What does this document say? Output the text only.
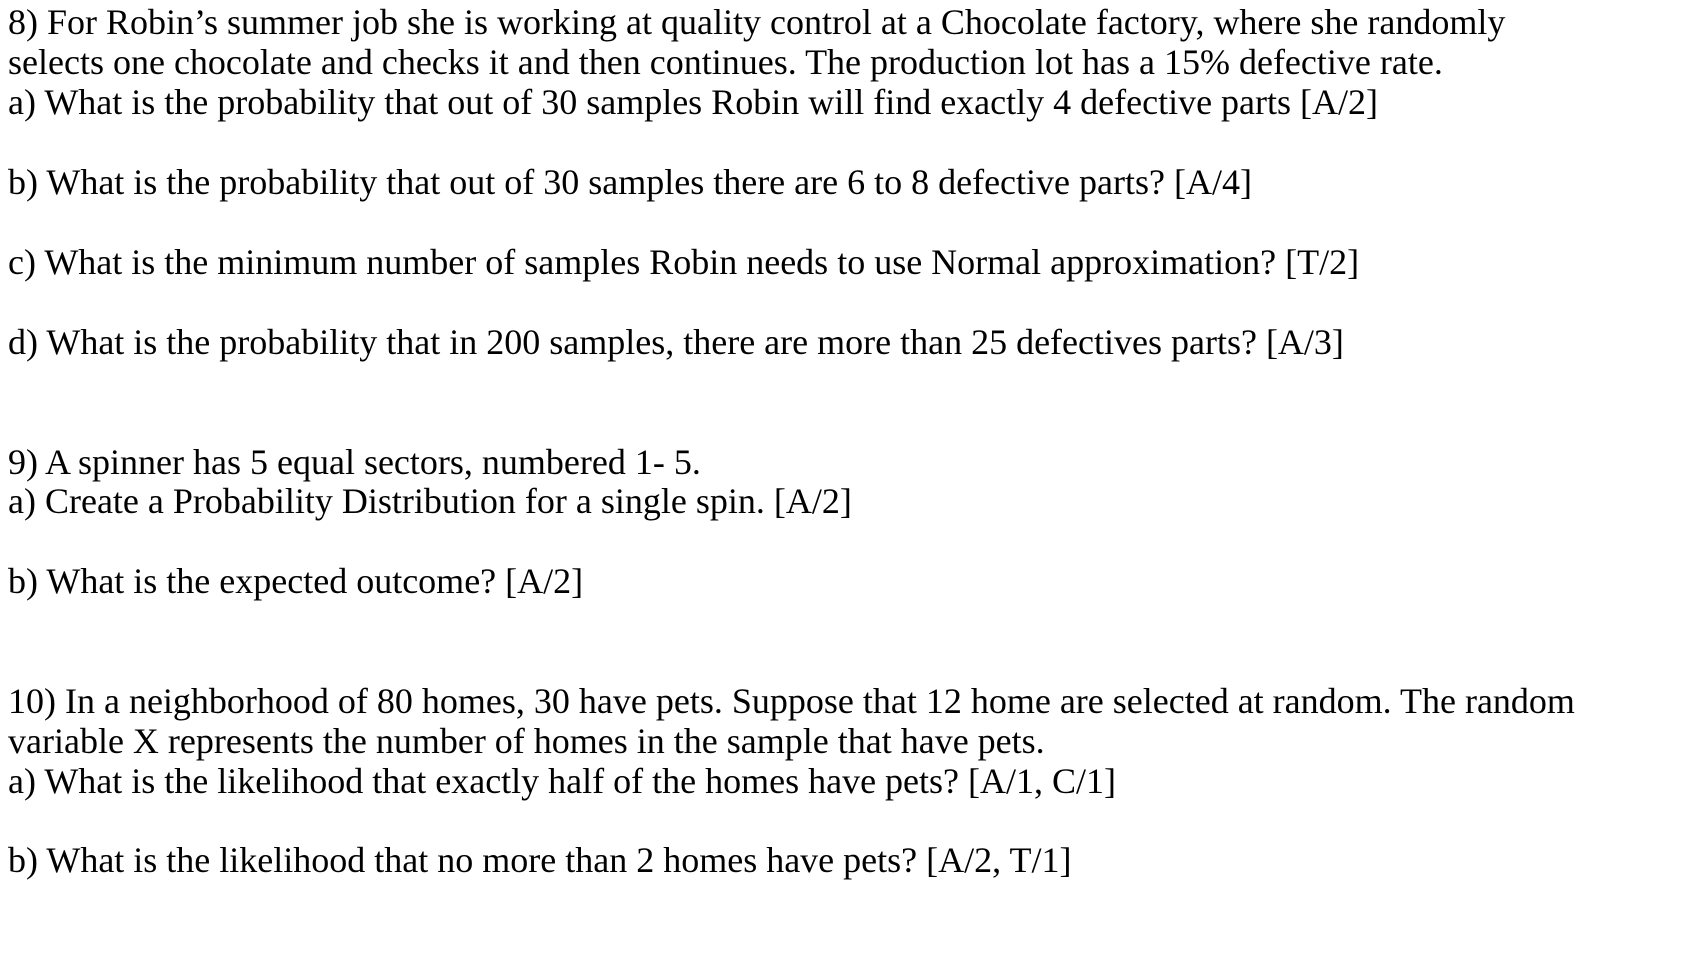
8) For Robin’s summer job she is working at quality control at a Chocolate factory, where she randomly
selects one chocolate and checks it and then continues. The production lot has a 15% defective rate.
a) What is the probability that out of 30 samples Robin will find exactly 4 defective parts [A/2]
b) What is the probability that out of 30 samples there are 6 to 8 defective parts? [A/4]
c) What is the minimum number of samples Robin needs to use Normal approximation? [T/2]
d) What is the probability that in 200 samples, there are more than 25 defectives parts? [A/3]
9) A spinner has 5 equal sectors, numbered 1- 5.
a) Create a Probability Distribution for a single spin. [A/2]
b) What is the expected outcome? [A/2]
10) In a neighborhood of 80 homes, 30 have pets. Suppose that 12 home are selected at random. The random
variable X represents the number of homes in the sample that have pets.
a) What is the likelihood that exactly half of the homes have pets? [A/1, C/1]
b) What is the likelihood that no more than 2 homes have pets? [A/2, T/1]
